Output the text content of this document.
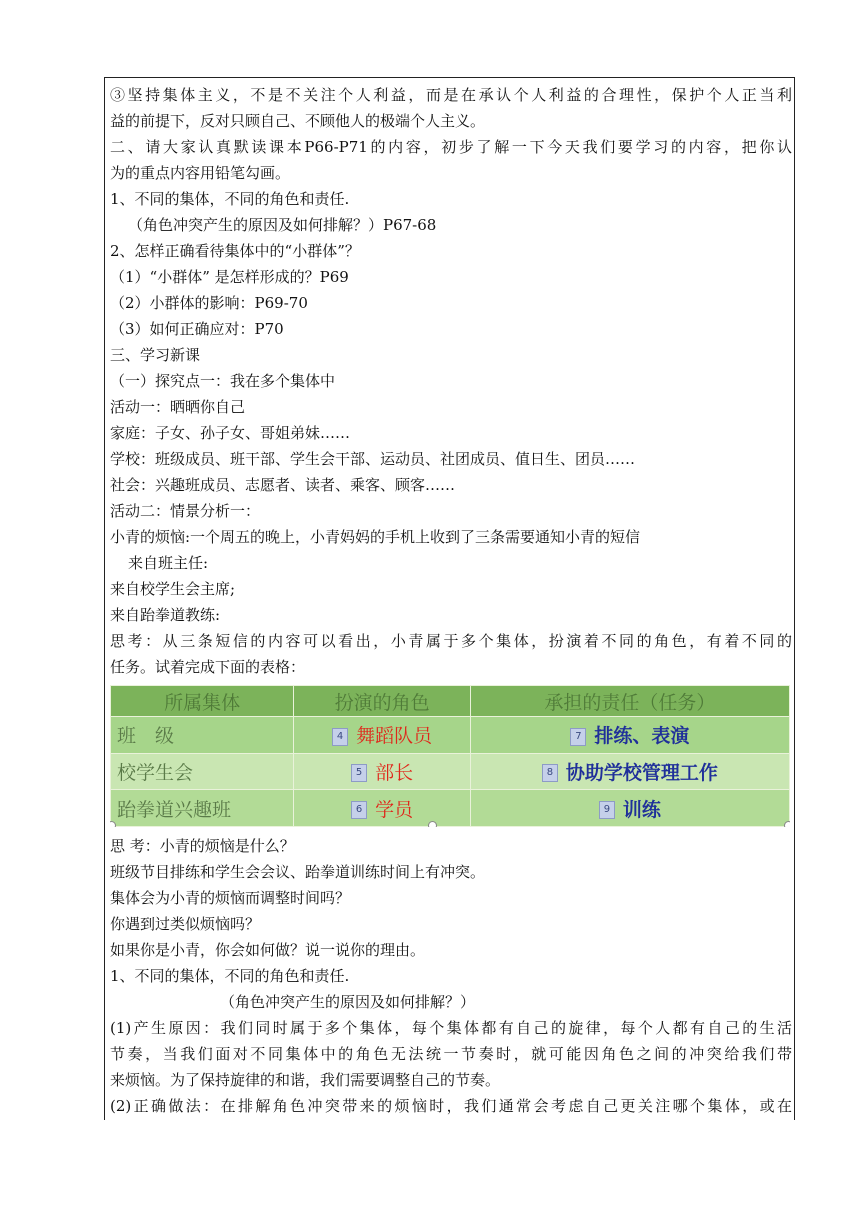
③坚持集体主义，不是不关注个人利益，而是在承认个人利益的合理性，保护个人正当利
益的前提下，反对只顾自己、不顾他人的极端个人主义。
二、请大家认真默读课本P66-P71的内容，初步了解一下今天我们要学习的内容，把你认
为的重点内容用铅笔勾画。
1、不同的集体，不同的角色和责任.
（角色冲突产生的原因及如何排解？）P67-68
2、怎样正确看待集体中的“小群体”？
（1）“小群体” 是怎样形成的？P69
（2）小群体的影响：P69-70
（3）如何正确应对：P70
三、学习新课
（一）探究点一：我在多个集体中
活动一：晒晒你自己
家庭：子女、孙子女、哥姐弟妹……
学校：班级成员、班干部、学生会干部、运动员、社团成员、值日生、团员……
社会：兴趣班成员、志愿者、读者、乘客、顾客……
活动二：情景分析一：
小青的烦恼:一个周五的晚上，小青妈妈的手机上收到了三条需要通知小青的短信
来自班主任:
来自校学生会主席;
来自跆拳道教练:
思考：从三条短信的内容可以看出，小青属于多个集体，扮演着不同的角色，有着不同的
任务。试着完成下面的表格：
所属集体	扮演的角色	承担的责任（任务）
班　级	4 舞蹈队员	7 排练、表演
校学生会	5 部长	8 协助学校管理工作
跆拳道兴趣班	6 学员	9 训练
思 考：小青的烦恼是什么？
班级节目排练和学生会会议、跆拳道训练时间上有冲突。
集体会为小青的烦恼而调整时间吗？
你遇到过类似烦恼吗？
如果你是小青，你会如何做？说一说你的理由。
1、不同的集体，不同的角色和责任.
（角色冲突产生的原因及如何排解？）
(1)产生原因：我们同时属于多个集体，每个集体都有自己的旋律，每个人都有自己的生活
节奏，当我们面对不同集体中的角色无法统一节奏时，就可能因角色之间的冲突给我们带
来烦恼。为了保持旋律的和谐，我们需要调整自己的节奏。
(2)正确做法：在排解角色冲突带来的烦恼时，我们通常会考虑自己更关注哪个集体，或在
